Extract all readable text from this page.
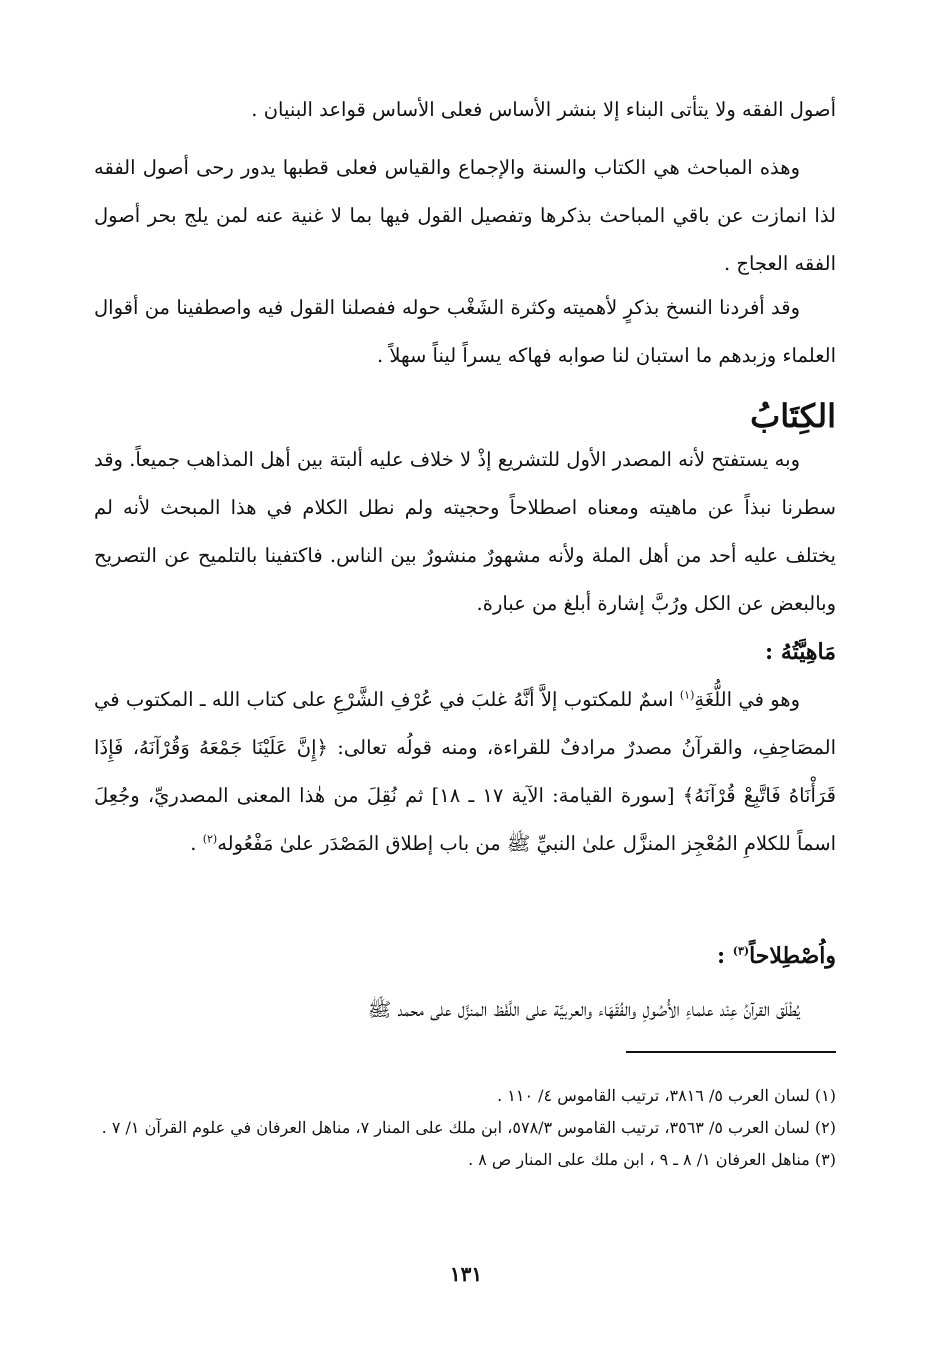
أصول الفقه ولا يتأتى البناء إلا بنشر الأساس فعلى الأساس قواعد البنيان .

وهذه المباحث هي الكتاب والسنة والإجماع والقياس فعلى قطبها يدور رحى أصول الفقه لذا انمازت عن باقي المباحث بذكرها وتفصيل القول فيها بما لا غنية عنه لمن يلج بحر أصول الفقه العجاج .

وقد أفردنا النسخ بذكرٍ لأهميته وكثرة الشَغْب حوله ففصلنا القول فيه واصطفينا من أقوال العلماء وزبدهم ما استبان لنا صوابه فهاكه يسراً ليناً سهلاً .

الكِتَابُ

وبه يستفتح لأنه المصدر الأول للتشريع إذْ لا خلاف عليه ألبتة بين أهل المذاهب جميعاً. وقد سطرنا نبذاً عن ماهيته ومعناه اصطلاحاً وحجيته ولم نطل الكلام في هذا المبحث لأنه لم يختلف عليه أحد من أهل الملة ولأنه مشهورٌ منشورٌ بين الناس. فاكتفينا بالتلميح عن التصريح وبالبعض عن الكل ورُبَّ إشارة أبلغ من عبارة.

مَاهِيَّتُهُ :

وهو في اللُّغَةِ$^{(١)}$ اسمٌ للمكتوب إلاَّ أنَّهُ غلبَ في عُرْفِ الشَّرْعِ على كتاب الله ـ المكتوب في المصَاحِفِ، والقرآنُ مصدرٌ مرادفٌ للقراءة، ومنه قولُه تعالى: ﴿إِنَّ عَلَيْنَا جَمْعَهُ وَقُرْآنَهُ، فَإِذَا قَرَأْنَاهُ فَاتَّبِعْ قُرْآنَهُ﴾ [سورة القيامة: الآية ١٧ ـ ١٨] ثم نُقِلَ من هٰذا المعنى المصدريِّ، وجُعِلَ اسماً للكلامِ المُعْجِز المنزَّل علىٰ النبيِّ ﷺ من باب إطلاق المَصْدَر علىٰ مَفْعُوله$^{(٢)}$ .

واُصْطِلاحاً$^{(٣)}$ :

يُطْلَق القرآنُ عِنْد علماءِ الأُصُولِ والفُقَهَاء والعربيَّة على اللَّفْظ المنزَّل على محمد ﷺ

(١) لسان العرب ٥/ ٣٨١٦، ترتيب القاموس ٤/ ١١٠ .
(٢) لسان العرب ٥/ ٣٥٦٣، ترتيب القاموس ٥٧٨/٣، ابن ملك على المنار ٧، مناهل العرفان في علوم القرآن ١/ ٧ .
(٣) مناهل العرفان ١/ ٨ ـ ٩ ، ابن ملك على المنار ص ٨ .
١٣١
